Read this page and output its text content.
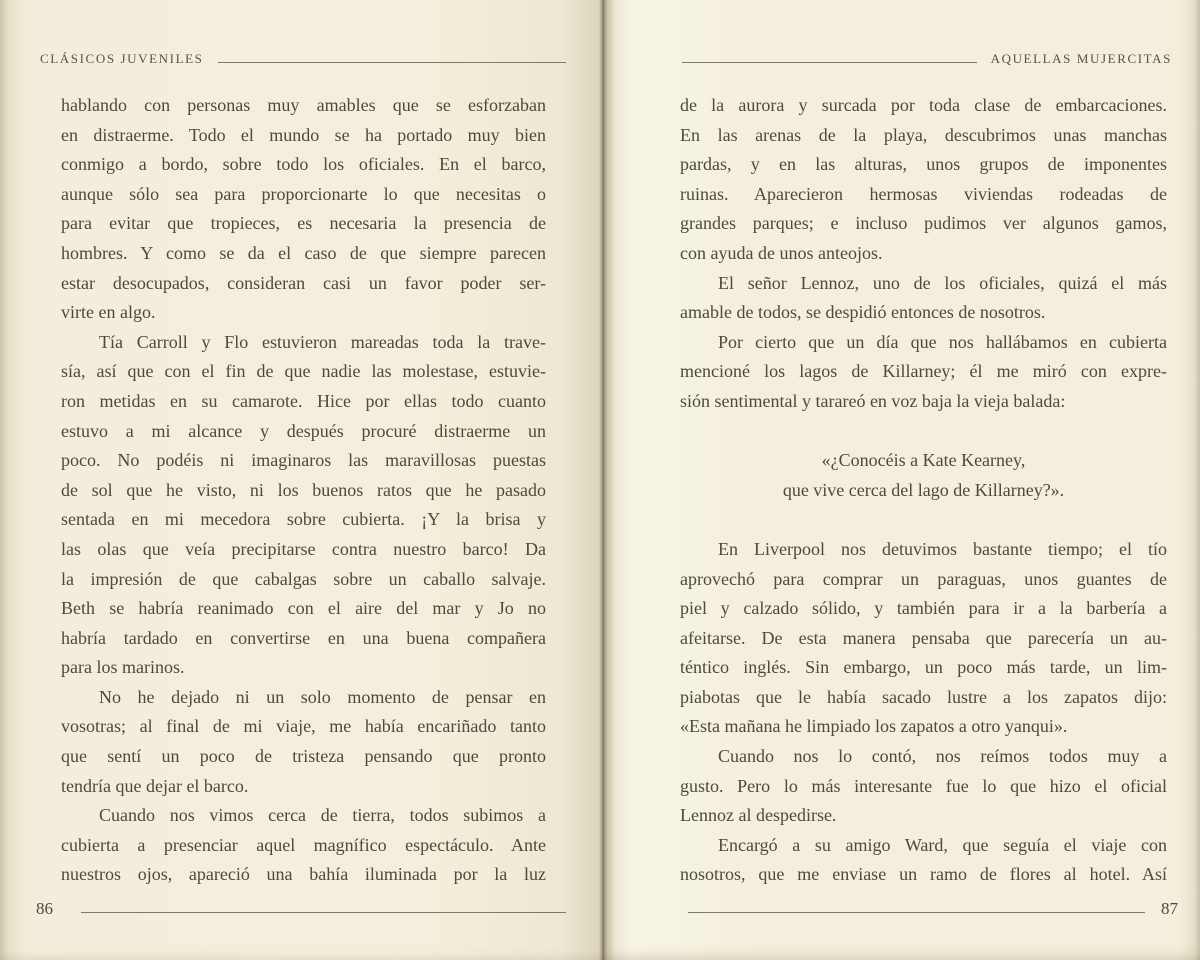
CLÁSICOS JUVENILES
hablando con personas muy amables que se esforzaban
en distraerme. Todo el mundo se ha portado muy bien
conmigo a bordo, sobre todo los oficiales. En el barco,
aunque sólo sea para proporcionarte lo que necesitas o
para evitar que tropieces, es necesaria la presencia de
hombres. Y como se da el caso de que siempre parecen
estar desocupados, consideran casi un favor poder ser-
virte en algo.
Tía Carroll y Flo estuvieron mareadas toda la trave-
sía, así que con el fin de que nadie las molestase, estuvie-
ron metidas en su camarote. Hice por ellas todo cuanto
estuvo a mi alcance y después procuré distraerme un
poco. No podéis ni imaginaros las maravillosas puestas
de sol que he visto, ni los buenos ratos que he pasado
sentada en mi mecedora sobre cubierta. ¡Y la brisa y
las olas que veía precipitarse contra nuestro barco! Da
la impresión de que cabalgas sobre un caballo salvaje.
Beth se habría reanimado con el aire del mar y Jo no
habría tardado en convertirse en una buena compañera
para los marinos.
No he dejado ni un solo momento de pensar en
vosotras; al final de mi viaje, me había encariñado tanto
que sentí un poco de tristeza pensando que pronto
tendría que dejar el barco.
Cuando nos vimos cerca de tierra, todos subimos a
cubierta a presenciar aquel magnífico espectáculo. Ante
nuestros ojos, apareció una bahía iluminada por la luz
86
AQUELLAS MUJERCITAS
de la aurora y surcada por toda clase de embarcaciones.
En las arenas de la playa, descubrimos unas manchas
pardas, y en las alturas, unos grupos de imponentes
ruinas. Aparecieron hermosas viviendas rodeadas de
grandes parques; e incluso pudimos ver algunos gamos,
con ayuda de unos anteojos.
El señor Lennoz, uno de los oficiales, quizá el más
amable de todos, se despidió entonces de nosotros.
Por cierto que un día que nos hallábamos en cubierta
mencioné los lagos de Killarney; él me miró con expre-
sión sentimental y tarareó en voz baja la vieja balada:
«¿Conocéis a Kate Kearney,
que vive cerca del lago de Killarney?».
En Liverpool nos detuvimos bastante tiempo; el tío
aprovechó para comprar un paraguas, unos guantes de
piel y calzado sólido, y también para ir a la barbería a
afeitarse. De esta manera pensaba que parecería un au-
téntico inglés. Sin embargo, un poco más tarde, un lim-
piabotas que le había sacado lustre a los zapatos dijo:
«Esta mañana he limpiado los zapatos a otro yanqui».
Cuando nos lo contó, nos reímos todos muy a
gusto. Pero lo más interesante fue lo que hizo el oficial
Lennoz al despedirse.
Encargó a su amigo Ward, que seguía el viaje con
nosotros, que me enviase un ramo de flores al hotel. Así
87
